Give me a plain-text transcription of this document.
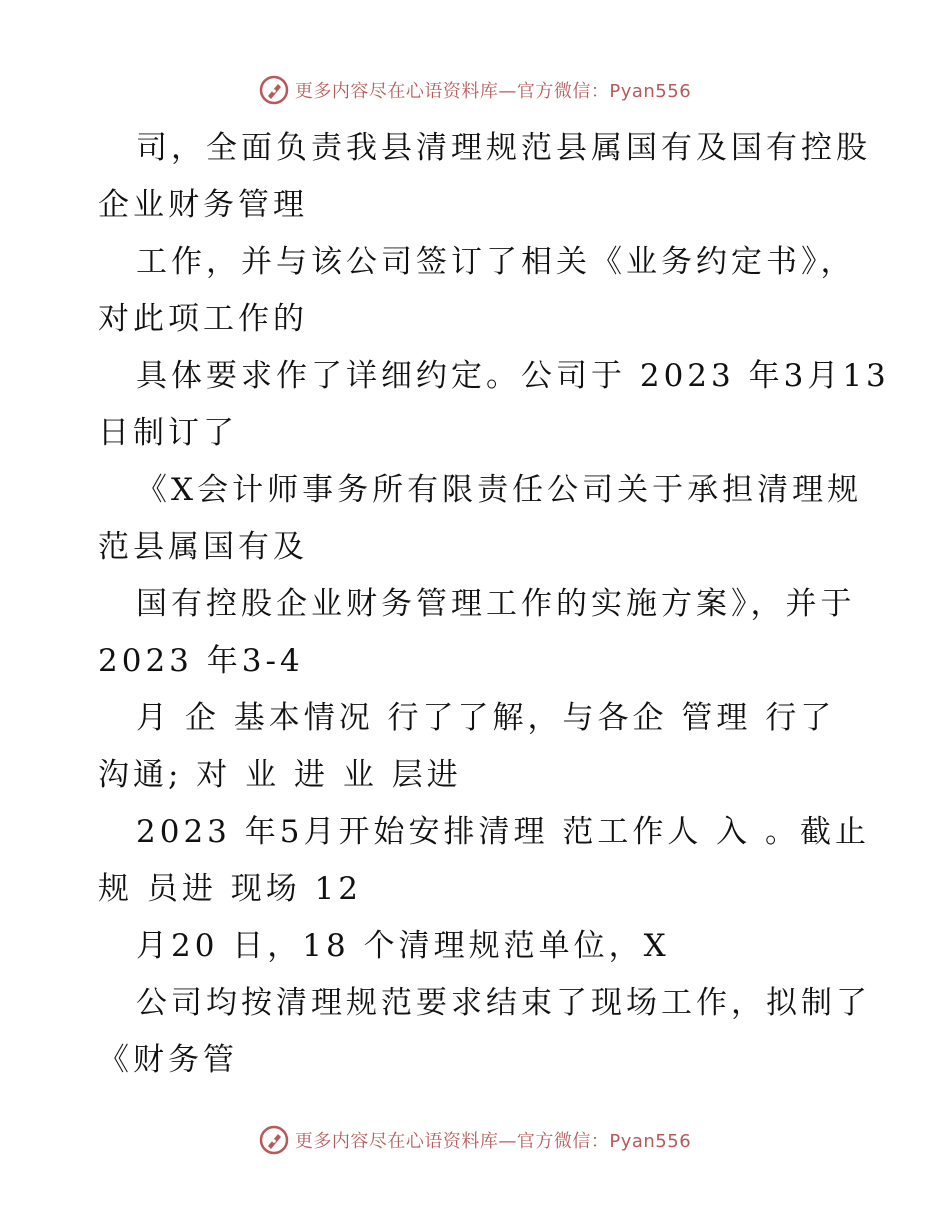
更多内容尽在心语资料库—官方微信：Pyan556
司，全面负责我县清理规范县属国有及国有控股
企业财务管理
工作，并与该公司签订了相关《业务约定书》，
对此项工作的
具体要求作了详细约定。公司于 2023 年3月13
日制订了
《X会计师事务所有限责任公司关于承担清理规
范县属国有及
国有控股企业财务管理工作的实施方案》，并于
2023 年3-4
月 企 基本情况 行了了解，与各企 管理 行了
沟通; 对 业 进 业 层进
2023 年5月开始安排清理 范工作人 入 。截止
规 员进 现场 12
月20 日，18 个清理规范单位，X
公司均按清理规范要求结束了现场工作，拟制了
《财务管
更多内容尽在心语资料库—官方微信：Pyan556
